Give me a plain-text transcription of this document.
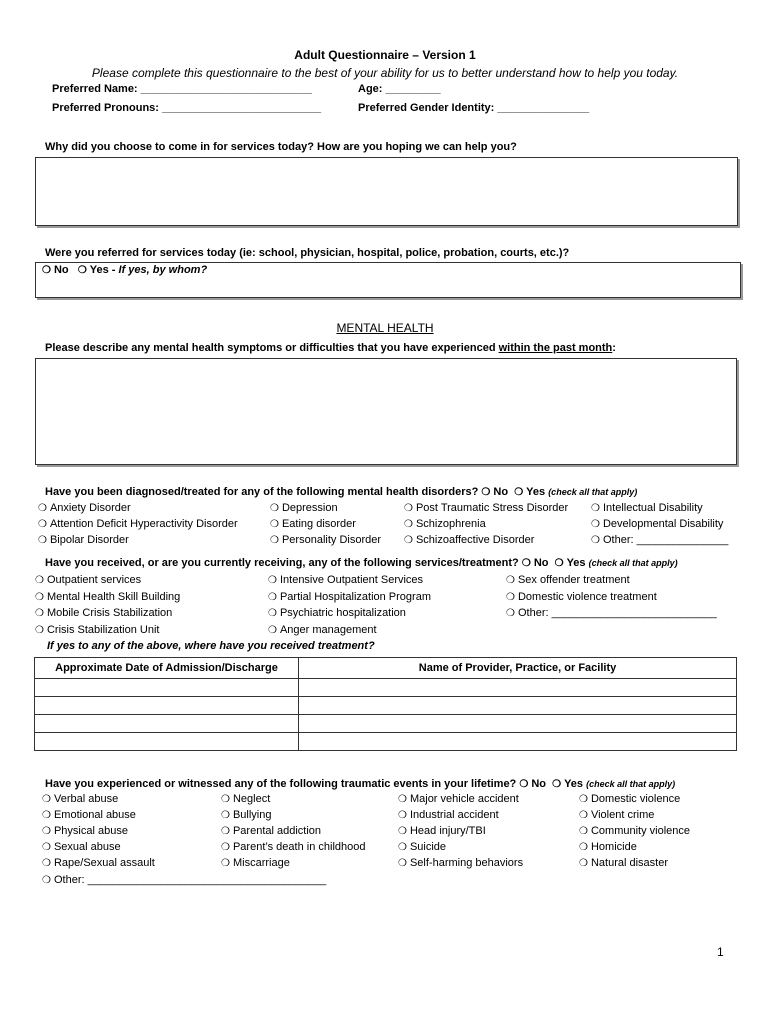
Adult Questionnaire – Version 1
Please complete this questionnaire to the best of your ability for us to better understand how to help you today.
Preferred Name: ____________________________	Age: _________
Preferred Pronouns: __________________________	Preferred Gender Identity: _______________
Why did you choose to come in for services today? How are you hoping we can help you?
Were you referred for services today (ie: school, physician, hospital, police, probation, courts, etc.)?
❍ No ❍ Yes - If yes, by whom?
MENTAL HEALTH
Please describe any mental health symptoms or difficulties that you have experienced within the past month:
Have you been diagnosed/treated for any of the following mental health disorders? ❍ No ❍ Yes (check all that apply)
❍ Anxiety Disorder	❍ Depression	❍ Post Traumatic Stress Disorder ❍ Intellectual Disability
❍ Attention Deficit Hyperactivity Disorder	❍ Eating disorder	❍ Schizophrenia	❍ Developmental Disability
❍ Bipolar Disorder	❍ Personality Disorder ❍ Schizoaffective Disorder	❍ Other: _______________
Have you received, or are you currently receiving, any of the following services/treatment? ❍ No ❍ Yes (check all that apply)
❍ Outpatient services	❍ Intensive Outpatient Services	❍ Sex offender treatment
❍ Mental Health Skill Building	❍ Partial Hospitalization Program	❍ Domestic violence treatment
❍ Mobile Crisis Stabilization	❍ Psychiatric hospitalization	❍ Other: ___________________________
❍ Crisis Stabilization Unit	❍ Anger management
If yes to any of the above, where have you received treatment?
Approximate Date of Admission/Discharge	Name of Provider, Practice, or Facility

Have you experienced or witnessed any of the following traumatic events in your lifetime? ❍ No ❍ Yes (check all that apply)
❍ Verbal abuse	❍ Neglect	❍ Major vehicle accident	❍ Domestic violence
❍ Emotional abuse	❍ Bullying	❍ Industrial accident	❍ Violent crime
❍ Physical abuse	❍ Parental addiction	❍ Head injury/TBI	❍ Community violence
❍ Sexual abuse	❍ Parent’s death in childhood	❍ Suicide	❍ Homicide
❍ Rape/Sexual assault	❍ Miscarriage	❍ Self-harming behaviors	❍ Natural disaster
❍ Other: _______________________________________
1
